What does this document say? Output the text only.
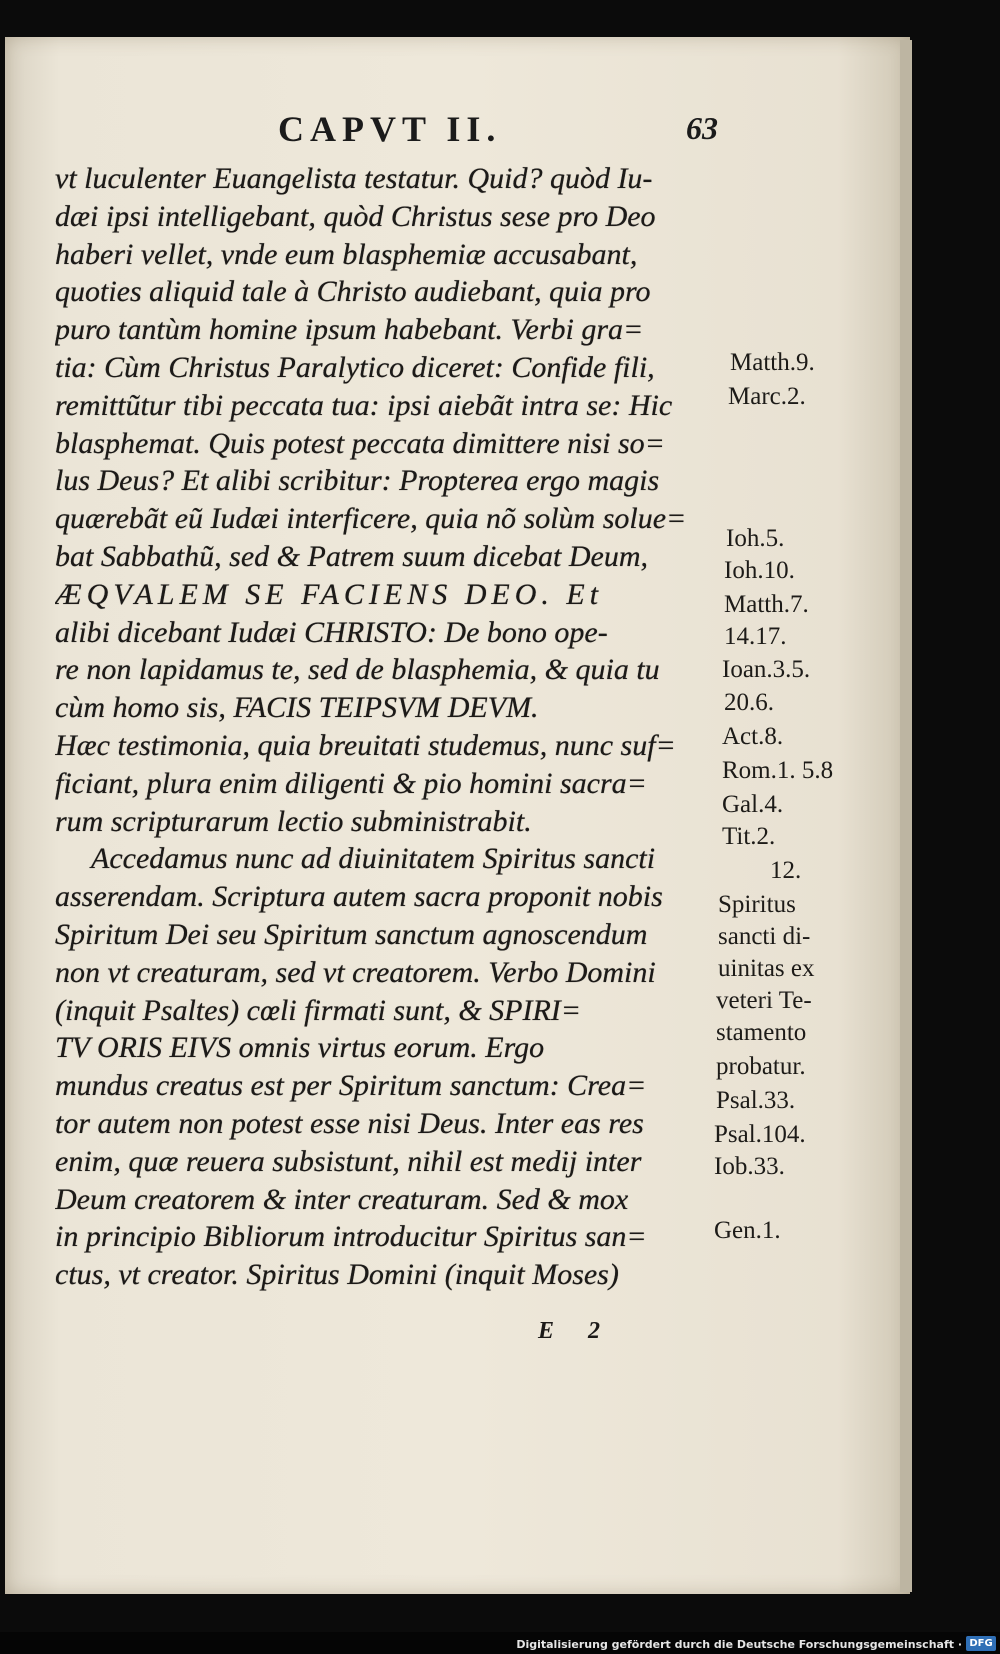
CAPVT II.	63
vt luculenter Euangelista testatur. Quid? quòd Iu-
dæi ipsi intelligebant, quòd Christus sese pro Deo
haberi vellet, vnde eum blasphemiæ accusabant,
quoties aliquid tale à Christo audiebant, quia pro
puro tantùm homine ipsum habebant. Verbi gra=
tia: Cùm Christus Paralytico diceret: Confide fili,
remittũtur tibi peccata tua: ipsi aiebãt intra se: Hic
blasphemat. Quis potest peccata dimittere nisi so=
lus Deus? Et alibi scribitur: Propterea ergo magis
quærebãt eũ Iudæi interficere, quia nõ solùm solue=
bat Sabbathũ, sed & Patrem suum dicebat Deum,
ÆQVALEM SE FACIENS DEO. Et
alibi dicebant Iudæi CHRISTO: De bono ope-
re non lapidamus te, sed de blasphemia, & quia tu
cùm homo sis, FACIS TEIPSVM DEVM.
Hæc testimonia, quia breuitati studemus, nunc suf=
ficiant, plura enim diligenti & pio homini sacra=
rum scripturarum lectio subministrabit.
Accedamus nunc ad diuinitatem Spiritus sancti
asserendam. Scriptura autem sacra proponit nobis
Spiritum Dei seu Spiritum sanctum agnoscendum
non vt creaturam, sed vt creatorem. Verbo Domini
(inquit Psaltes) cœli firmati sunt, & SPIRI=
TV ORIS EIVS omnis virtus eorum. Ergo
mundus creatus est per Spiritum sanctum: Crea=
tor autem non potest esse nisi Deus. Inter eas res
enim, quæ reuera subsistunt, nihil est medij inter
Deum creatorem & inter creaturam. Sed & mox
in principio Bibliorum introducitur Spiritus san=
ctus, vt creator. Spiritus Domini (inquit Moses)
E 2
Matth.9.
Marc.2.
Ioh.5.
Ioh.10.
Matth.7.
14.17.
Ioan.3.5.
20.6.
Act.8.
Rom.1. 5.8
Gal.4.
Tit.2.
12.
Spiritus
sancti di-
uinitas ex
veteri Te-
stamento
probatur.
Psal.33.
Psal.104.
Iob.33.
Gen.1.
Digitalisierung gefördert durch die Deutsche Forschungsgemeinschaft · DFG
